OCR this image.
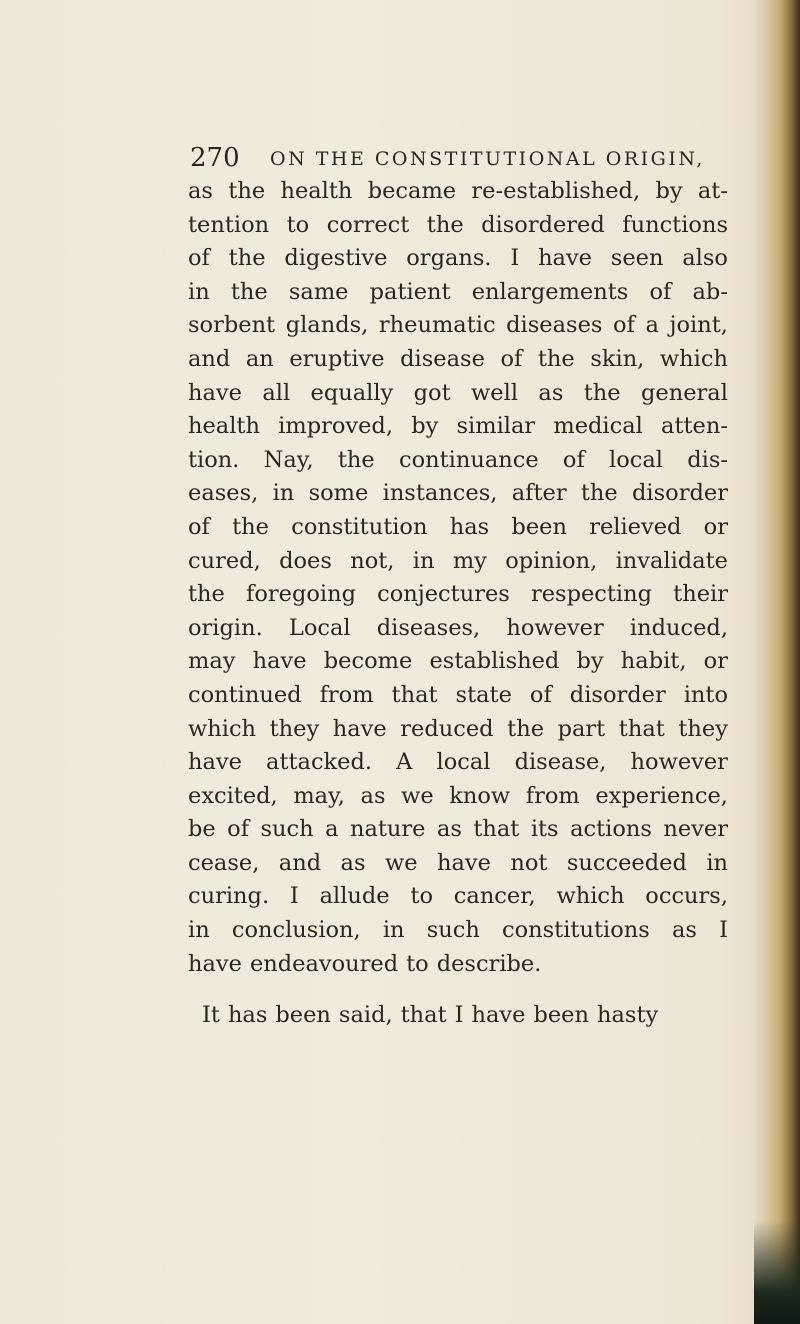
270 ON THE CONSTITUTIONAL ORIGIN,
as the health became re-established, by at-
tention to correct the disordered functions
of the digestive organs. I have seen also
in the same patient enlargements of ab-
sorbent glands, rheumatic diseases of a joint,
and an eruptive disease of the skin, which
have all equally got well as the general
health improved, by similar medical atten-
tion. Nay, the continuance of local dis-
eases, in some instances, after the disorder
of the constitution has been relieved or
cured, does not, in my opinion, invalidate
the foregoing conjectures respecting their
origin. Local diseases, however induced,
may have become established by habit, or
continued from that state of disorder into
which they have reduced the part that they
have attacked. A local disease, however
excited, may, as we know from experience,
be of such a nature as that its actions never
cease, and as we have not succeeded in
curing. I allude to cancer, which occurs,
in conclusion, in such constitutions as I
have endeavoured to describe.
It has been said, that I have been hasty
